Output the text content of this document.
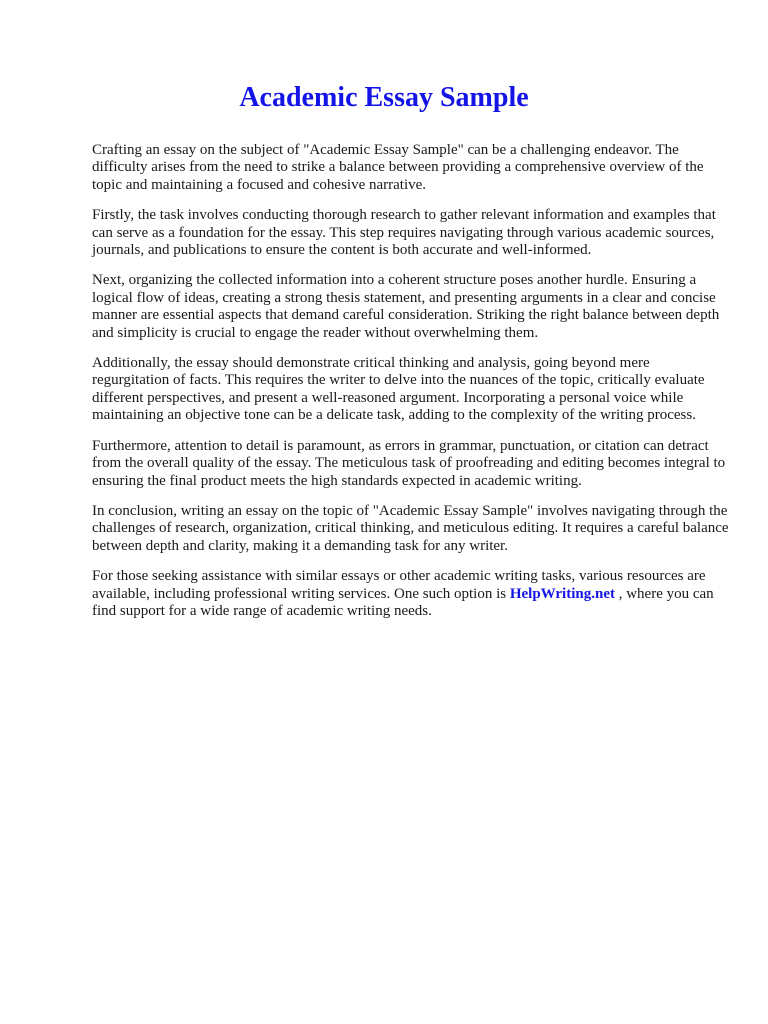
Academic Essay Sample

Crafting an essay on the subject of "Academic Essay Sample" can be a challenging endeavor. The difficulty arises from the need to strike a balance between providing a comprehensive overview of the topic and maintaining a focused and cohesive narrative.

Firstly, the task involves conducting thorough research to gather relevant information and examples that can serve as a foundation for the essay. This step requires navigating through various academic sources, journals, and publications to ensure the content is both accurate and well-informed.

Next, organizing the collected information into a coherent structure poses another hurdle. Ensuring a logical flow of ideas, creating a strong thesis statement, and presenting arguments in a clear and concise manner are essential aspects that demand careful consideration. Striking the right balance between depth and simplicity is crucial to engage the reader without overwhelming them.

Additionally, the essay should demonstrate critical thinking and analysis, going beyond mere regurgitation of facts. This requires the writer to delve into the nuances of the topic, critically evaluate different perspectives, and present a well-reasoned argument. Incorporating a personal voice while maintaining an objective tone can be a delicate task, adding to the complexity of the writing process.

Furthermore, attention to detail is paramount, as errors in grammar, punctuation, or citation can detract from the overall quality of the essay. The meticulous task of proofreading and editing becomes integral to ensuring the final product meets the high standards expected in academic writing.

In conclusion, writing an essay on the topic of "Academic Essay Sample" involves navigating through the challenges of research, organization, critical thinking, and meticulous editing. It requires a careful balance between depth and clarity, making it a demanding task for any writer.

For those seeking assistance with similar essays or other academic writing tasks, various resources are available, including professional writing services. One such option is HelpWriting.net , where you can find support for a wide range of academic writing needs.
